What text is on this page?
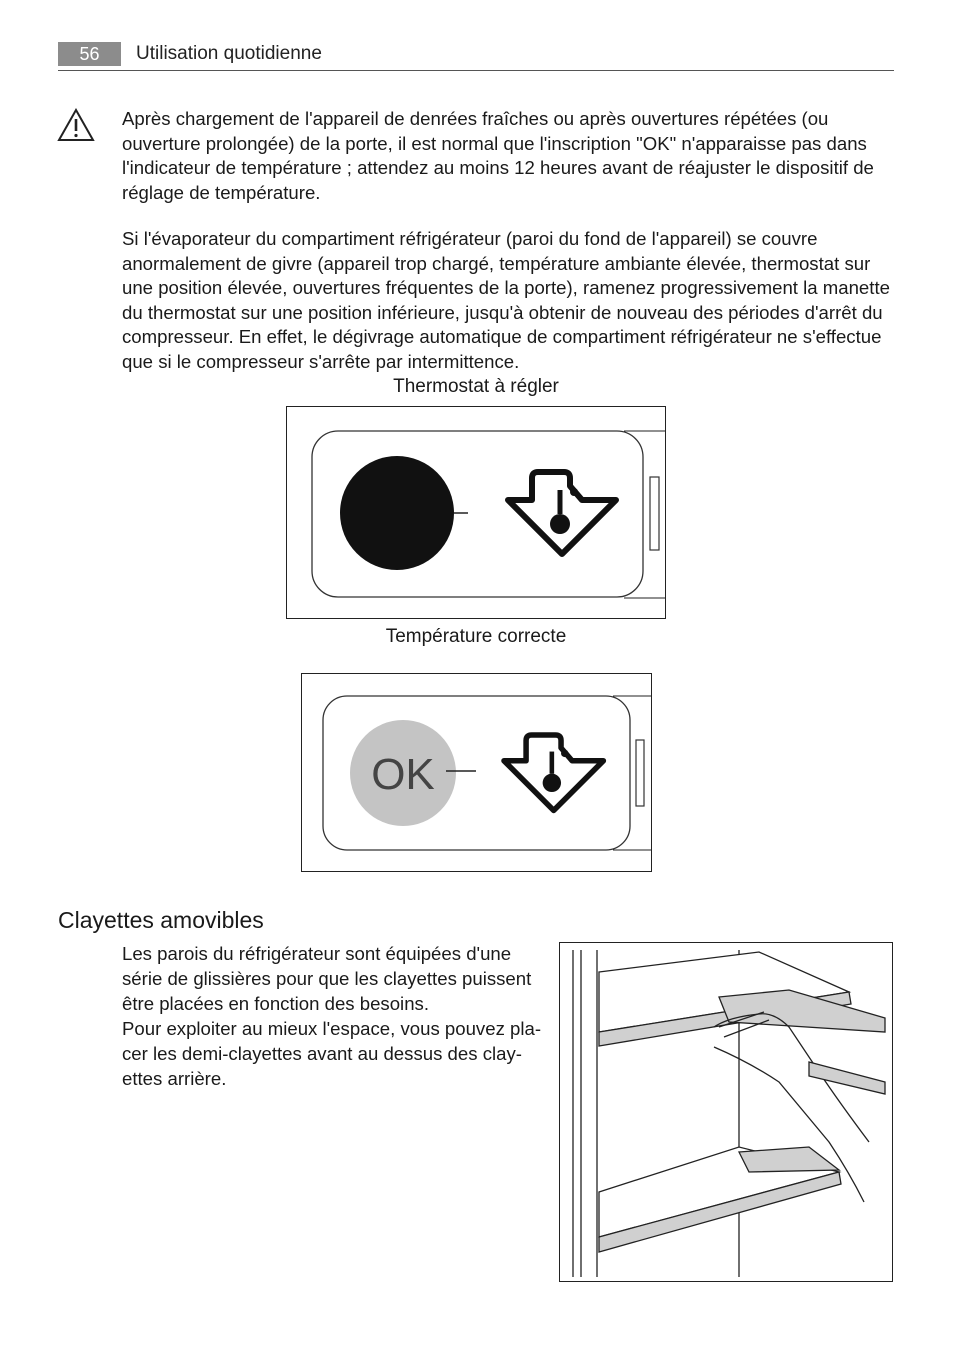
56	Utilisation quotidienne

Après chargement de l'appareil de denrées fraîches ou après ouvertures répétées (ou ouverture prolongée) de la porte, il est normal que l'inscription "OK" n'apparaisse pas dans l'indicateur de température ; attendez au moins 12 heures avant de réajuster le dispositif de réglage de température.

Si l'évaporateur du compartiment réfrigérateur (paroi du fond de l'appareil) se couvre anormalement de givre (appareil trop chargé, température ambiante élevée, thermostat sur une position élevée, ouvertures fréquentes de la porte), ramenez progressivement la manette du thermostat sur une position inférieure, jusqu'à obtenir de nouveau des périodes d'arrêt du compresseur. En effet, le dégivrage automatique de compartiment réfrigérateur ne s'effectue que si le compresseur s'arrête par intermittence.

Thermostat à régler
Température correcte
OK
Clayettes amovibles
Les parois du réfrigérateur sont équipées d'une
série de glissières pour que les clayettes puissent
être placées en fonction des besoins.
Pour exploiter au mieux l'espace, vous pouvez pla-
cer les demi-clayettes avant au dessus des clay-
ettes arrière.
